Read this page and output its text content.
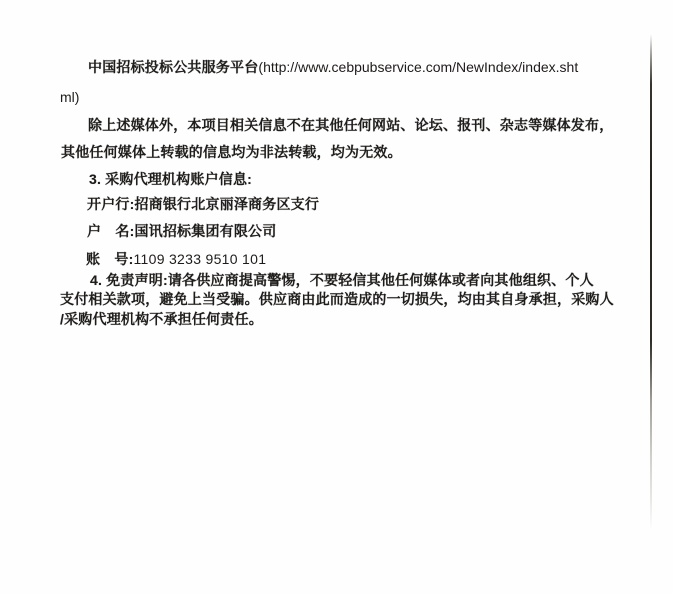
中国招标投标公共服务平台(http://www.cebpubservice.com/NewIndex/index.sht
ml)
除上述媒体外，本项目相关信息不在其他任何网站、论坛、报刊、杂志等媒体发布，
其他任何媒体上转载的信息均为非法转载，均为无效。
3. 采购代理机构账户信息:
开户行:招商银行北京丽泽商务区支行
户　名:国讯招标集团有限公司
账　号:1109 3233 9510 101
4. 免责声明:请各供应商提高警惕，不要轻信其他任何媒体或者向其他组织、个人
支付相关款项，避免上当受骗。供应商由此而造成的一切损失，均由其自身承担，采购人
/采购代理机构不承担任何责任。
